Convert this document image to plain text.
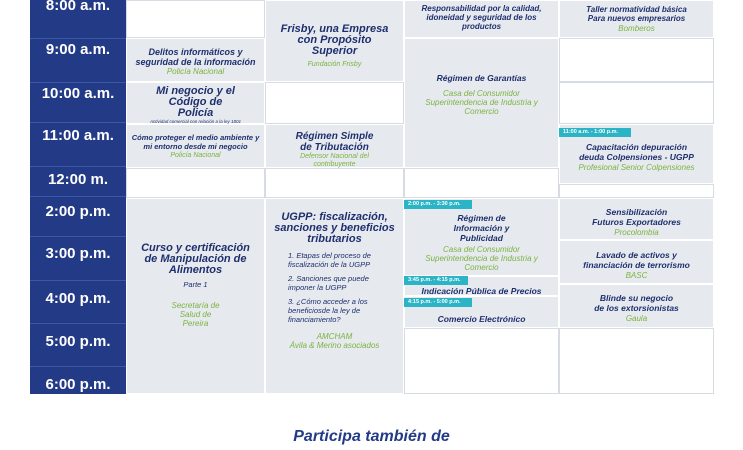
8:00 a.m.
9:00 a.m.
10:00 a.m.
11:00 a.m.
12:00 m.
2:00 p.m.
3:00 p.m.
4:00 p.m.
5:00 p.m.
6:00 p.m.
Delitos informáticos y seguridad de la información
Policía Nacional
Mi negocio y el Código de Policía
Actividad comercial con relación a la ley 1801
Cómo proteger el medio ambiente y mi entorno desde mi negocio
Policía Nacional
Curso y certificación de Manipulación de Alimentos
Parte 1
Secretaría de Salud de Pereira
Frisby, una Empresa con Propósito Superior
Fundación Frisby
Régimen Simple de Tributación
Defensor Nacional del contribuyente
UGPP: fiscalización, sanciones y beneficios tributarios
1. Etapas del proceso de fiscalización de la UGPP
2. Sanciones que puede imponer la UGPP
3. ¿Cómo acceder a los beneficiosde la ley de financiamiento?
AMCHAM
Ávila & Merino asociados
Responsabilidad por la calidad, idoneidad y seguridad de los productos
Régimen de Garantías
Casa del Consumidor Superintendencia de Industria y Comercio
Régimen de Información y Publicidad
Casa del Consumidor Superintendencia de Industria y Comercio
2:00 p.m. - 3:30 p.m.
Indicación Pública de Precios
3:45 p.m. - 4:15 p.m.
Comercio Electrónico
4:15 p.m. - 5:00 p.m.
Taller normatividad básica Para nuevos empresarios
Bomberos
Capacitación depuración deuda Colpensiones - UGPP
Profesional Senior Colpensiones
11:00 a.m. - 1:00 p.m.
Sensibilización Futuros Exportadores
Procolombia
Lavado de activos y financiación de terrorismo
BASC
Blinde su negocio de los extorsionistas
Gaula
Participa también de
